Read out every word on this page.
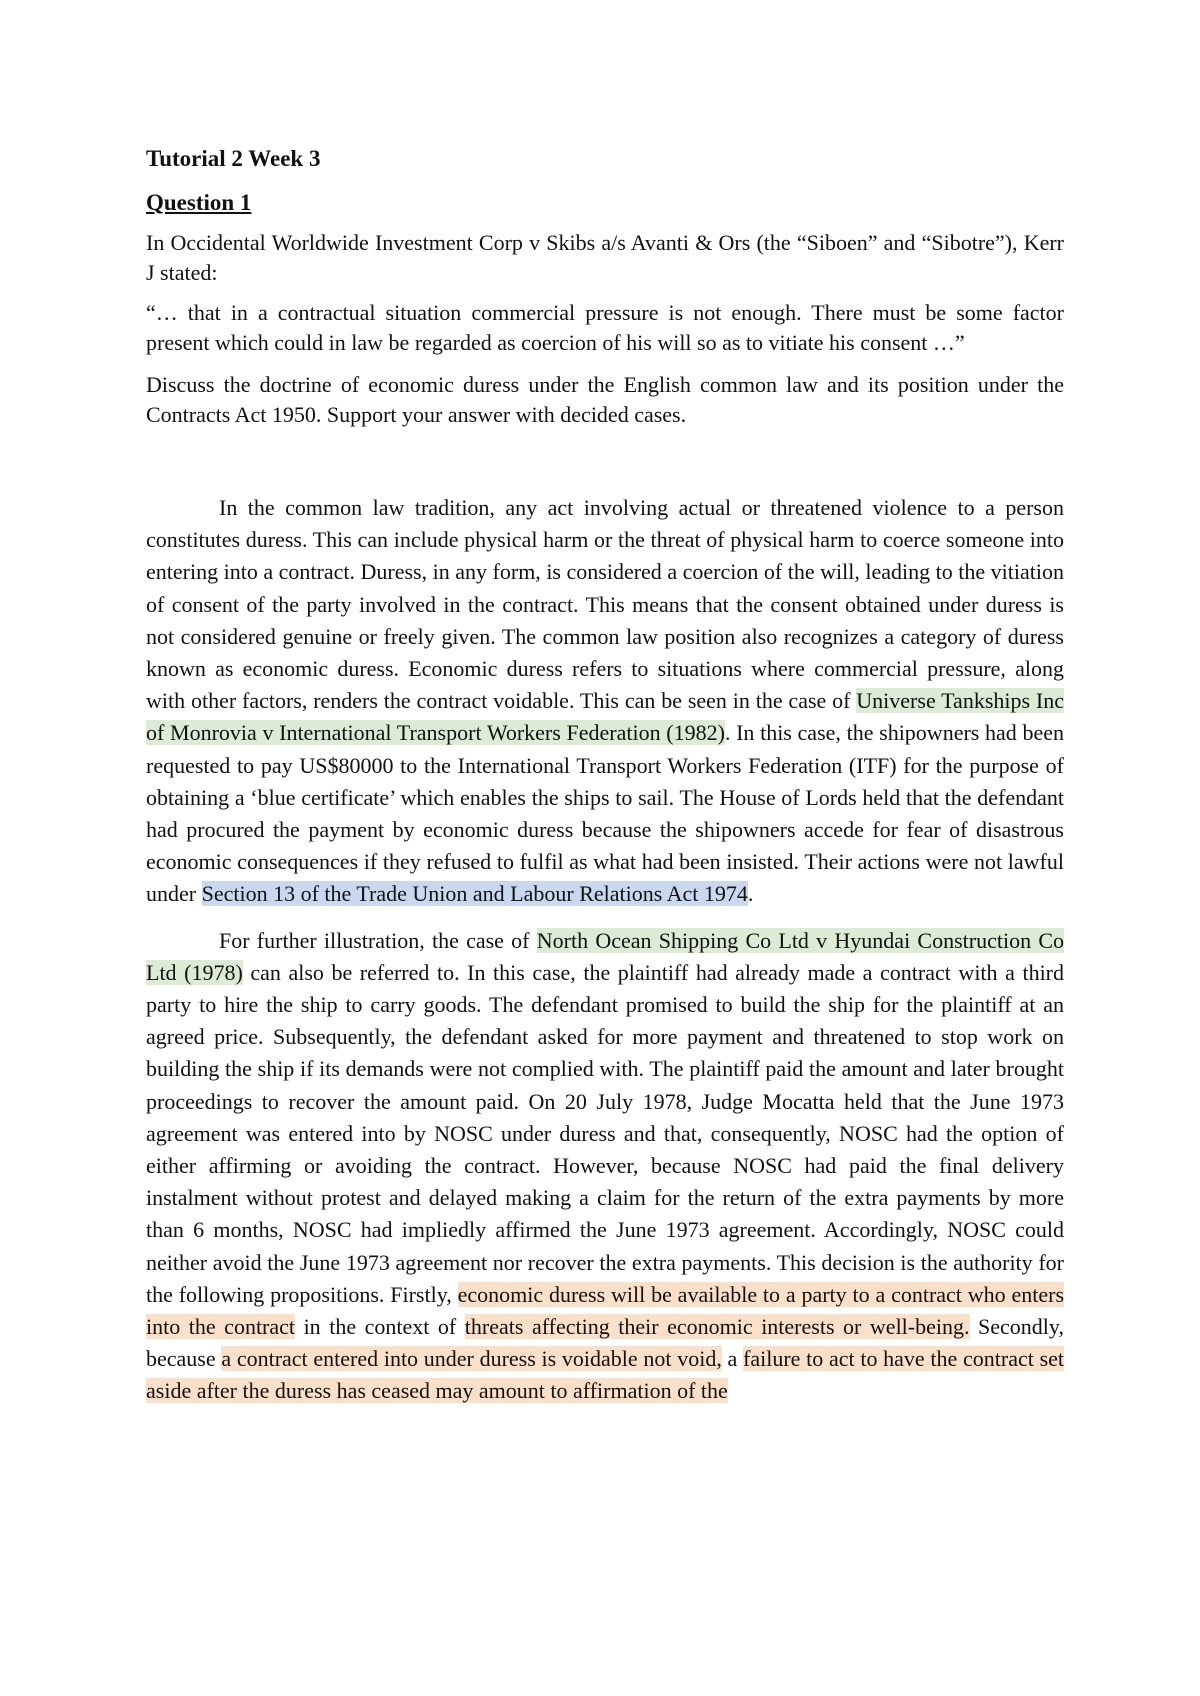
Tutorial 2 Week 3
Question 1

In Occidental Worldwide Investment Corp v Skibs a/s Avanti & Ors (the “Siboen” and “Sibotre”), Kerr J stated:

“… that in a contractual situation commercial pressure is not enough. There must be some factor present which could in law be regarded as coercion of his will so as to vitiate his consent …”

Discuss the doctrine of economic duress under the English common law and its position under the Contracts Act 1950. Support your answer with decided cases.

In the common law tradition, any act involving actual or threatened violence to a person constitutes duress. This can include physical harm or the threat of physical harm to coerce someone into entering into a contract. Duress, in any form, is considered a coercion of the will, leading to the vitiation of consent of the party involved in the contract. This means that the consent obtained under duress is not considered genuine or freely given. The common law position also recognizes a category of duress known as economic duress. Economic duress refers to situations where commercial pressure, along with other factors, renders the contract voidable. This can be seen in the case of Universe Tankships Inc of Monrovia v International Transport Workers Federation (1982). In this case, the shipowners had been requested to pay US$80000 to the International Transport Workers Federation (ITF) for the purpose of obtaining a ‘blue certificate’ which enables the ships to sail. The House of Lords held that the defendant had procured the payment by economic duress because the shipowners accede for fear of disastrous economic consequences if they refused to fulfil as what had been insisted. Their actions were not lawful under Section 13 of the Trade Union and Labour Relations Act 1974.

For further illustration, the case of North Ocean Shipping Co Ltd v Hyundai Construction Co Ltd (1978) can also be referred to. In this case, the plaintiff had already made a contract with a third party to hire the ship to carry goods. The defendant promised to build the ship for the plaintiff at an agreed price. Subsequently, the defendant asked for more payment and threatened to stop work on building the ship if its demands were not complied with. The plaintiff paid the amount and later brought proceedings to recover the amount paid. On 20 July 1978, Judge Mocatta held that the June 1973 agreement was entered into by NOSC under duress and that, consequently, NOSC had the option of either affirming or avoiding the contract. However, because NOSC had paid the final delivery instalment without protest and delayed making a claim for the return of the extra payments by more than 6 months, NOSC had impliedly affirmed the June 1973 agreement. Accordingly, NOSC could neither avoid the June 1973 agreement nor recover the extra payments. This decision is the authority for the following propositions. Firstly, economic duress will be available to a party to a contract who enters into the contract in the context of threats affecting their economic interests or well-being. Secondly, because a contract entered into under duress is voidable not void, a failure to act to have the contract set aside after the duress has ceased may amount to affirmation of the
